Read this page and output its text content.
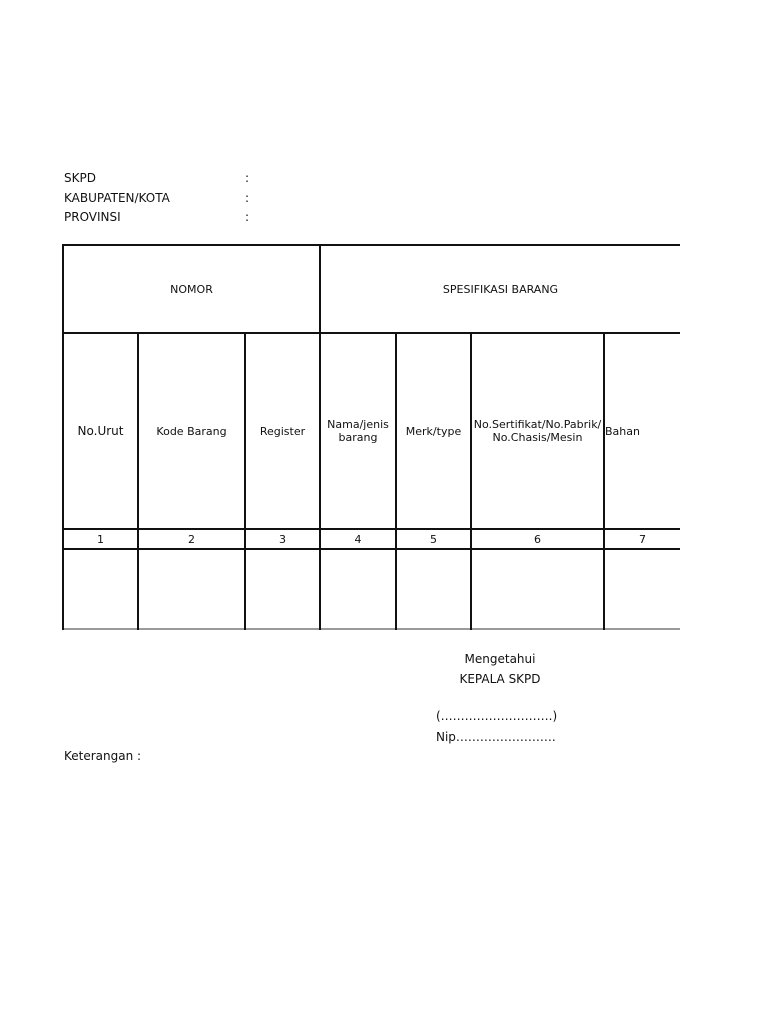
SKPD	:
KABUPATEN/KOTA	:
PROVINSI	:
NOMOR	SPESIFIKASI BARANG
No.Urut	Kode Barang	Register	Nama/jenis barang	Merk/type	No.Sertifikat/No.Pabrik/ No.Chasis/Mesin	Bahan
1	2	3	4	5	6	7
Mengetahui
KEPALA SKPD
(……………………….)
Nip…………………….
Keterangan :
